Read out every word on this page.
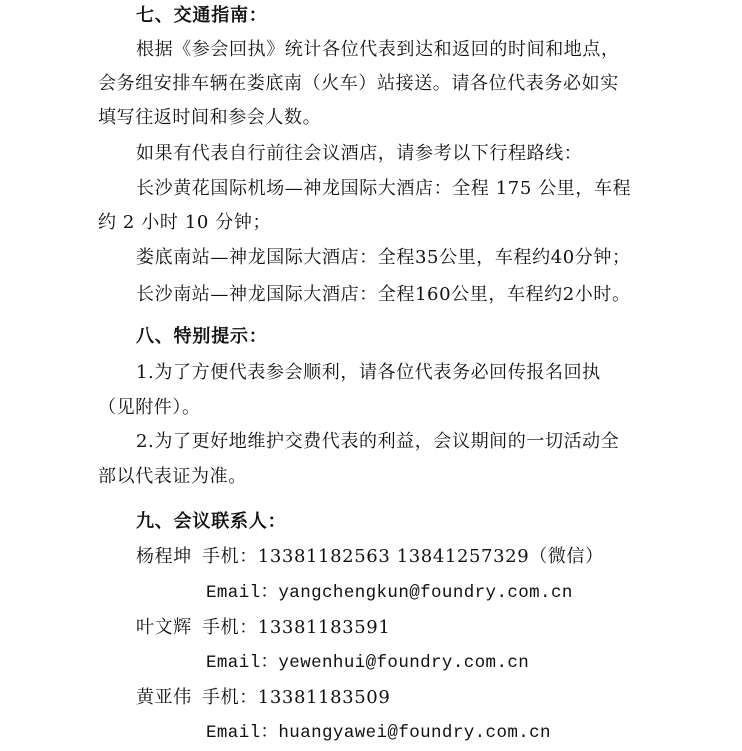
七、交通指南：
根据《参会回执》统计各位代表到达和返回的时间和地点，
会务组安排车辆在娄底南（火车）站接送。请各位代表务必如实
填写往返时间和参会人数。
如果有代表自行前往会议酒店，请参考以下行程路线：
长沙黄花国际机场—神龙国际大酒店：全程 175 公里，车程
约 2 小时 10 分钟；
娄底南站—神龙国际大酒店：全程35公里，车程约40分钟；
长沙南站—神龙国际大酒店：全程160公里，车程约2小时。
八、特别提示：
1.为了方便代表参会顺利，请各位代表务必回传报名回执
（见附件）。
2.为了更好地维护交费代表的利益，会议期间的一切活动全
部以代表证为准。
九、会议联系人：
杨程坤 手机：13381182563 13841257329（微信）
Email：yangchengkun@foundry.com.cn
叶文辉 手机：13381183591
Email：yewenhui@foundry.com.cn
黄亚伟 手机：13381183509
Email：huangyawei@foundry.com.cn
